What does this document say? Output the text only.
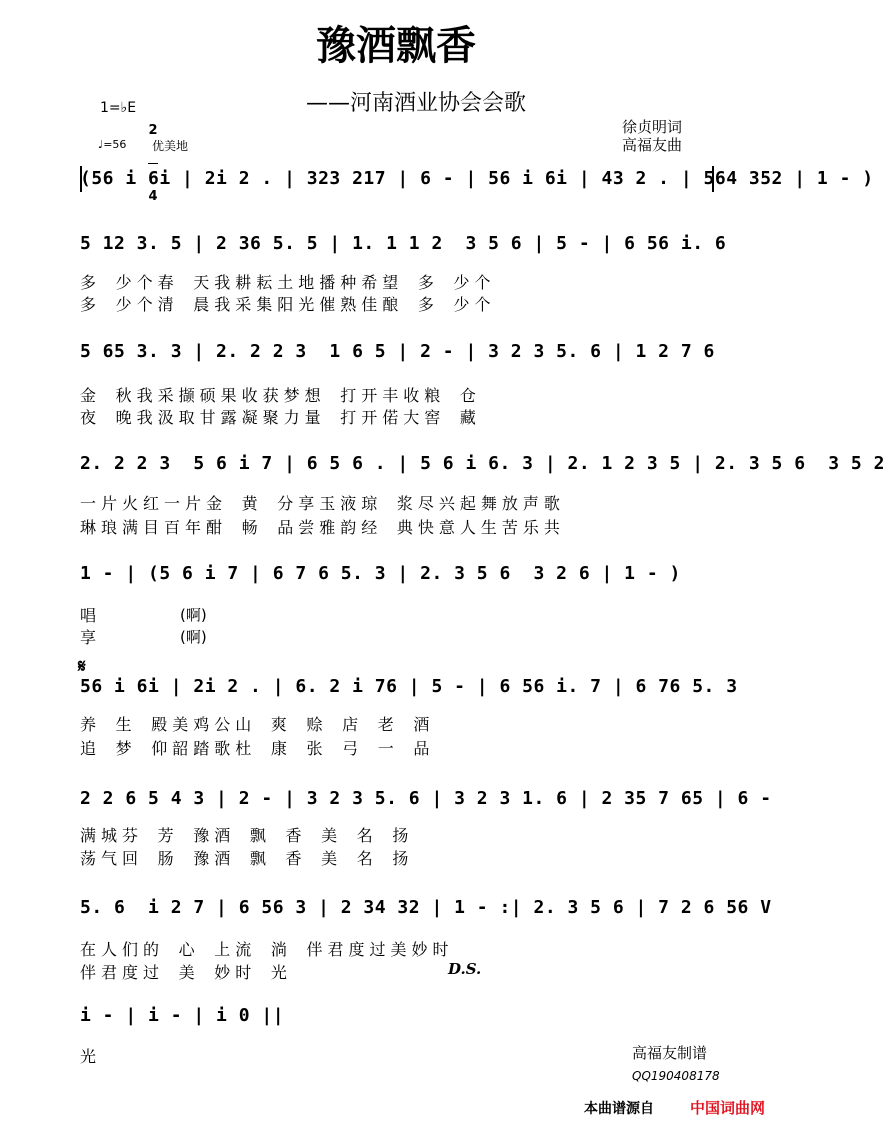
豫酒飘香
——河南酒业协会会歌
1=♭E

2

4

♩=56 优美地
徐贞明词
高福友曲
(56 i 6i | 2i 2 . | 323 217 | 6 - | 56 i 6i | 43 2 . | 564 352 | 1 - )
5 12 3. 5 | 2 36 5. 5 | 1. 1 1 2  3 5 6 | 5 - | 6 56 i. 6
多 少个春 天我耕耘土地播种希望 多 少个
多 少个清 晨我采集阳光催熟佳酿 多 少个
5 65 3. 3 | 2. 2 2 3  1 6 5 | 2 - | 3 2 3 5. 6 | 1 2 7 6
金 秋我采撷硕果收获梦想 打开丰收粮 仓
夜 晚我汲取甘露凝聚力量 打开偌大窖 藏
2. 2 2 3  5 6 i 7 | 6 5 6 . | 5 6 i 6. 3 | 2. 1 2 3 5 | 2. 3 5 6  3 5 2
一片火红一片金 黄 分享玉液琼 浆尽兴起舞放声歌
琳琅满目百年酣 畅 品尝雅韵经 典快意人生苦乐共
1 - | (5 6 i 7 | 6 7 6 5. 3 | 2. 3 5 6  3 2 6 | 1 - )
唱	(啊)
享	(啊)
𝄋
56 i 6i | 2i 2 . | 6. 2 i 76 | 5 - | 6 56 i. 7 | 6 76 5. 3
养 生 殿美鸡公山 爽 赊 店 老 酒
追 梦 仰韶踏歌杜 康 张 弓 一 品
2 2 6 5 4 3 | 2 - | 3 2 3 5. 6 | 3 2 3 1. 6 | 2 35 7 65 | 6 -
满城芬 芳 豫酒 飘 香 美 名 扬
荡气回 肠 豫酒 飘 香 美 名 扬
5. 6  i 2 7 | 6 56 3 | 2 34 32 | 1 - :| 2. 3 5 6 | 7 2 6 56 V
在人们的 心 上流 淌 伴君度过美妙时
伴君度过 美 妙时 光	D.S.
i - | i - | i 0 ||
光	高福友制谱
QQ190408178
本曲谱源自 中国词曲网
